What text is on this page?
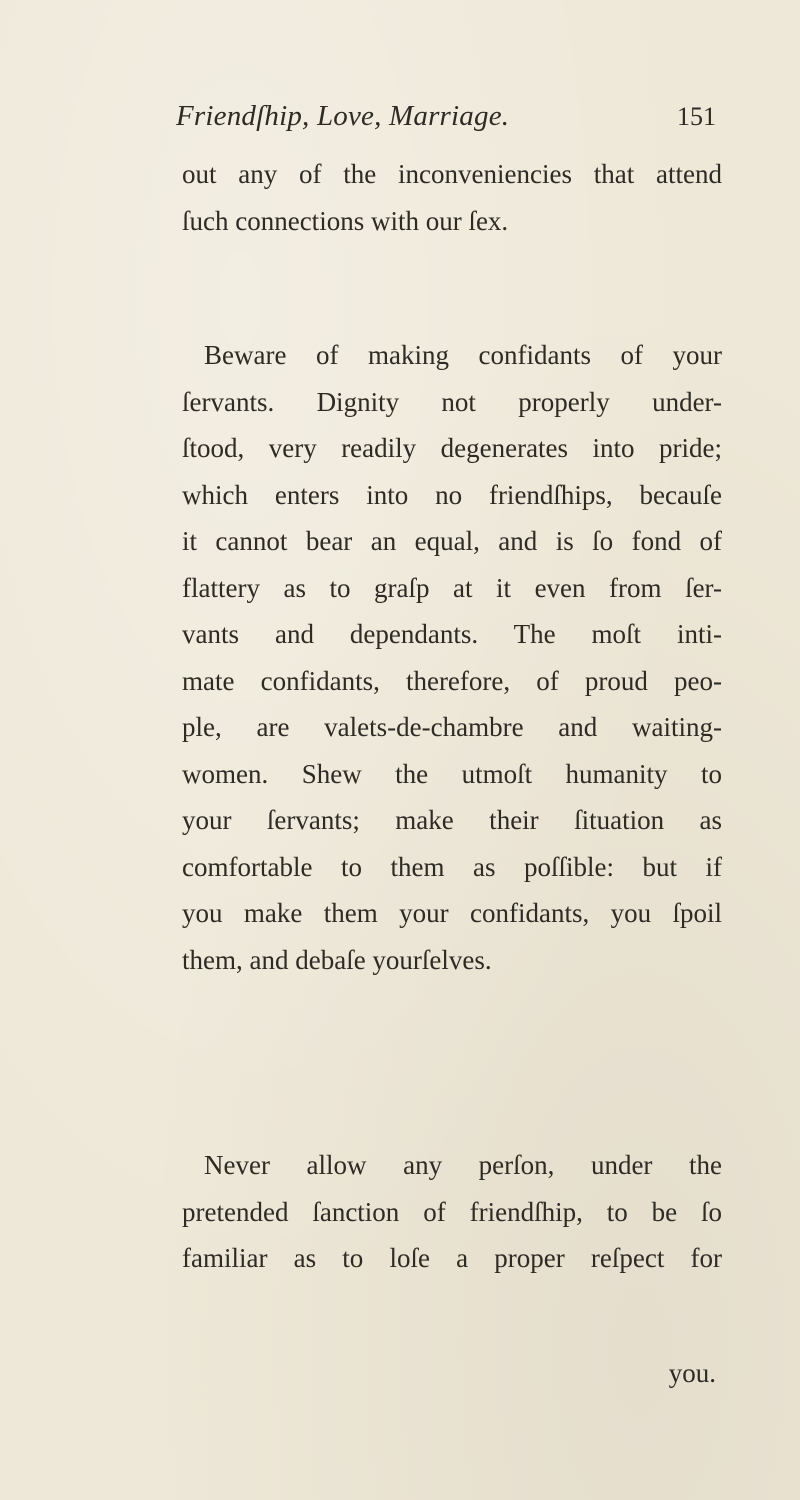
Friendſhip, Love, Marriage.	151
out any of the inconveniencies that attend
ſuch connections with our ſex.
Beware of making confidants of your
ſervants. Dignity not properly under-
ſtood, very readily degenerates into pride;
which enters into no friendſhips, becauſe
it cannot bear an equal, and is ſo fond of
flattery as to graſp at it even from ſer-
vants and dependants. The moſt inti-
mate confidants, therefore, of proud peo-
ple, are valets-de-chambre and waiting-
women. Shew the utmoſt humanity to
your ſervants; make their ſituation as
comfortable to them as poſſible: but if
you make them your confidants, you ſpoil
them, and debaſe yourſelves.
Never allow any perſon, under the
pretended ſanction of friendſhip, to be ſo
familiar as to loſe a proper reſpect for
you.
